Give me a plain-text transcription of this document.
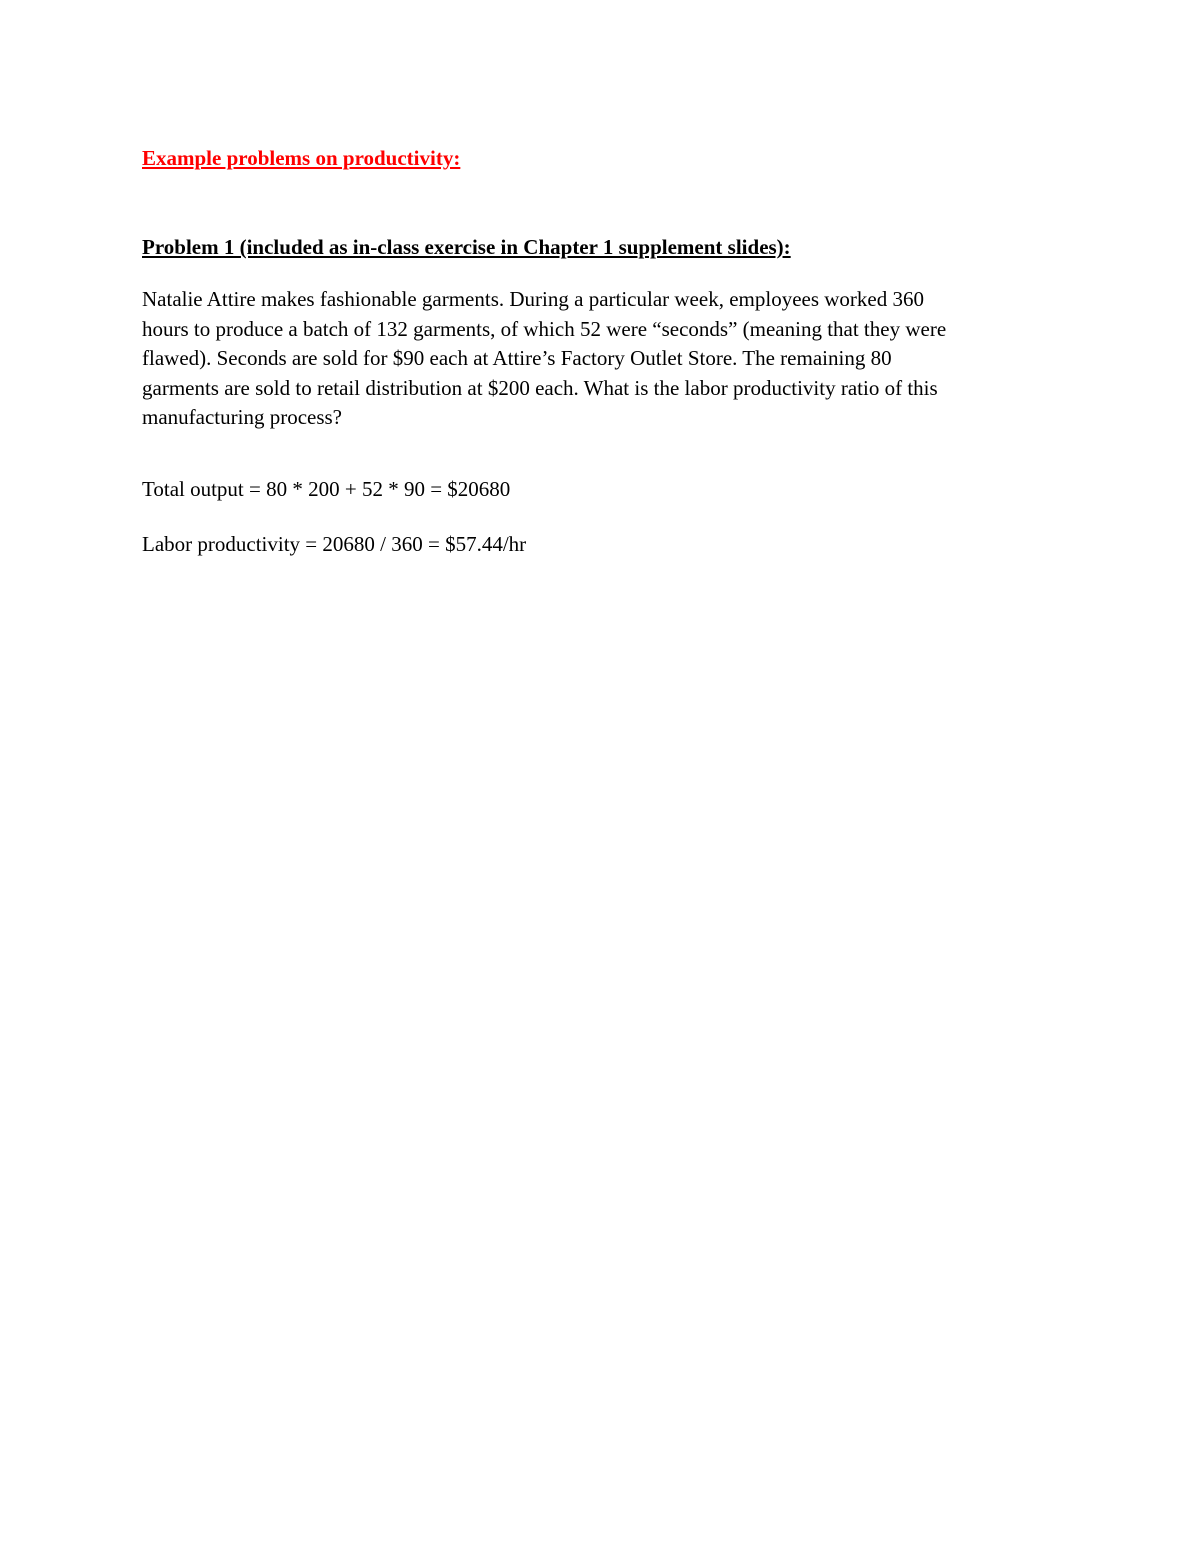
Example problems on productivity:
Problem 1 (included as in-class exercise in Chapter 1 supplement slides):

Natalie Attire makes fashionable garments. During a particular week, employees worked 360
hours to produce a batch of 132 garments, of which 52 were “seconds” (meaning that they were
flawed). Seconds are sold for $90 each at Attire’s Factory Outlet Store. The remaining 80
garments are sold to retail distribution at $200 each. What is the labor productivity ratio of this
manufacturing process?

Total output = 80 * 200 + 52 * 90 = $20680

Labor productivity = 20680 / 360 = $57.44/hr
